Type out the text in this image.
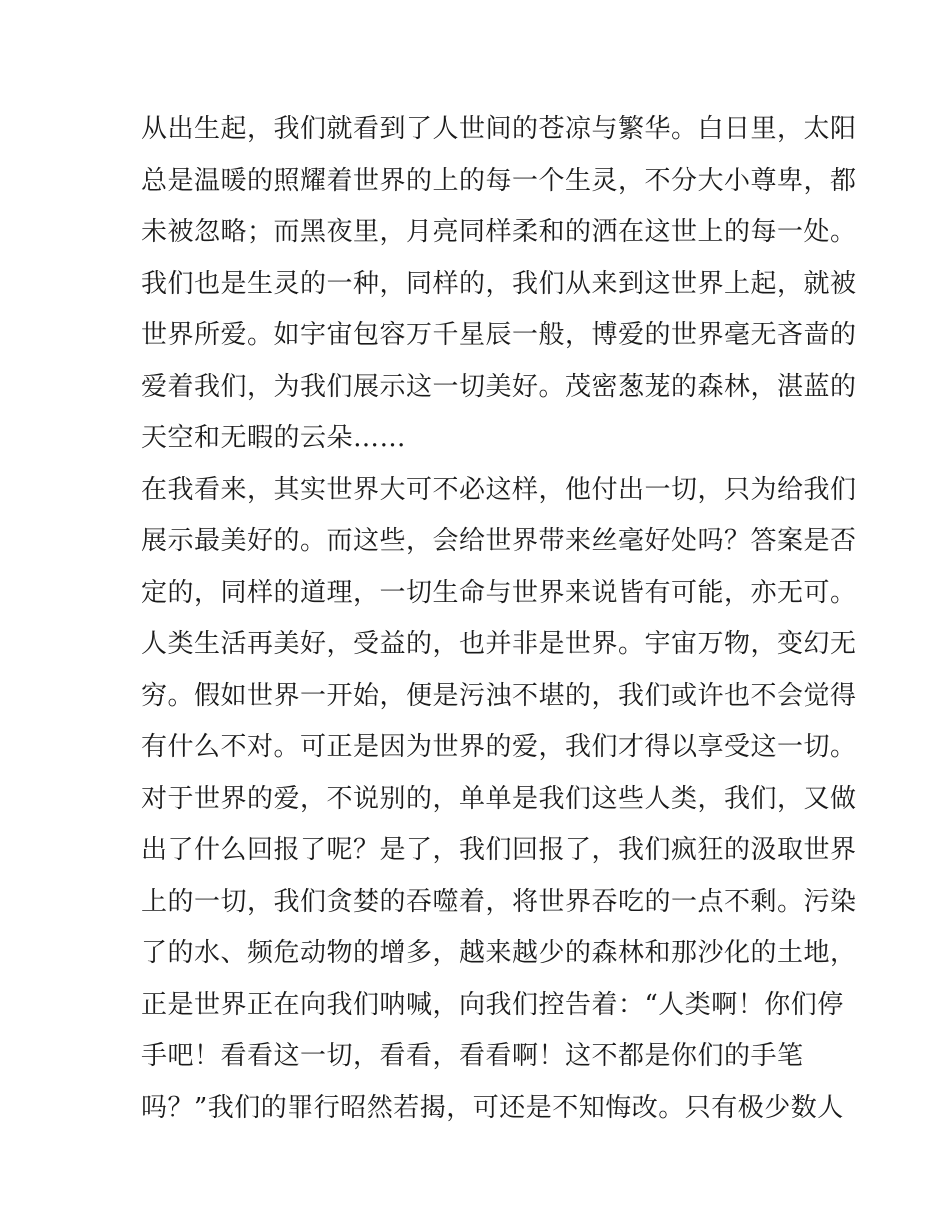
从出生起，我们就看到了人世间的苍凉与繁华。白日里，太阳
总是温暖的照耀着世界的上的每一个生灵，不分大小尊卑，都
未被忽略；而黑夜里，月亮同样柔和的洒在这世上的每一处。
我们也是生灵的一种，同样的，我们从来到这世界上起，就被
世界所爱。如宇宙包容万千星辰一般，博爱的世界毫无吝啬的
爱着我们，为我们展示这一切美好。茂密葱茏的森林，湛蓝的
天空和无暇的云朵……
在我看来，其实世界大可不必这样，他付出一切，只为给我们
展示最美好的。而这些，会给世界带来丝毫好处吗？答案是否
定的，同样的道理，一切生命与世界来说皆有可能，亦无可。
人类生活再美好，受益的，也并非是世界。宇宙万物，变幻无
穷。假如世界一开始，便是污浊不堪的，我们或许也不会觉得
有什么不对。可正是因为世界的爱，我们才得以享受这一切。
对于世界的爱，不说别的，单单是我们这些人类，我们，又做
出了什么回报了呢？是了，我们回报了，我们疯狂的汲取世界
上的一切，我们贪婪的吞噬着，将世界吞吃的一点不剩。污染
了的水、频危动物的增多，越来越少的森林和那沙化的土地，
正是世界正在向我们呐喊，向我们控告着：“人类啊！你们停
手吧！看看这一切，看看，看看啊！这不都是你们的手笔
吗？”我们的罪行昭然若揭，可还是不知悔改。只有极少数人
